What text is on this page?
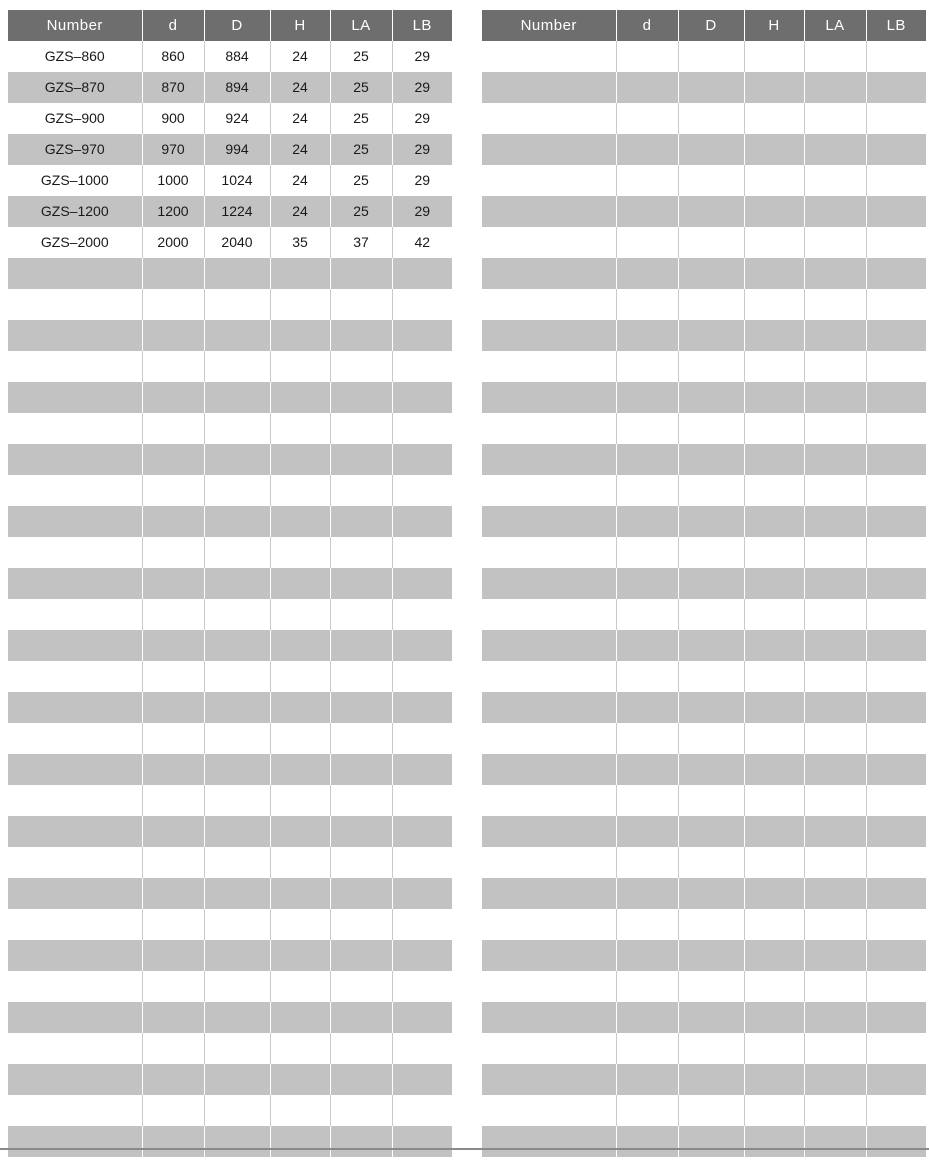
Number	d	D	H	LA	LB
GZS–860	860	884	24	25	29
GZS–870	870	894	24	25	29
GZS–900	900	924	24	25	29
GZS–970	970	994	24	25	29
GZS–1000	1000	1024	24	25	29
GZS–1200	1200	1224	24	25	29
GZS–2000	2000	2040	35	37	42

Number	d	D	H	LA	LB
